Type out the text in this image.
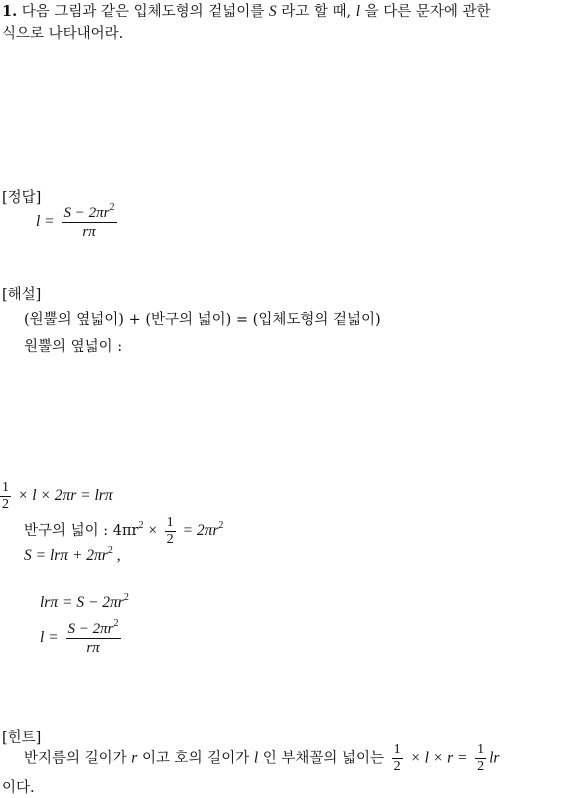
1. 다음 그림과 같은 입체도형의 겉넓이를 S 라고 할 때, l 을 다른 문자에 관한
식으로 나타내어라.
[정답]
$l = \frac{S - 2\pi r^2}{r\pi}$
[해설]
(원뿔의 옆넓이) + (반구의 넓이) = (입체도형의 겉넓이)
원뿔의 옆넓이 :
$\frac{1}{2} \times l \times 2\pi r = lr\pi$
반구의 넓이 : $4\pi r^2 \times \frac{1}{2} = 2\pi r^2$
$S = lr\pi + 2\pi r^2$ ,
$lr\pi = S - 2\pi r^2$
$l = \frac{S - 2\pi r^2}{r\pi}$
[힌트]
반지름의 길이가 r 이고 호의 길이가 l 인 부채꼴의 넓이는 $\frac{1}{2} \times l \times r = \frac{1}{2}$ lr
이다.
